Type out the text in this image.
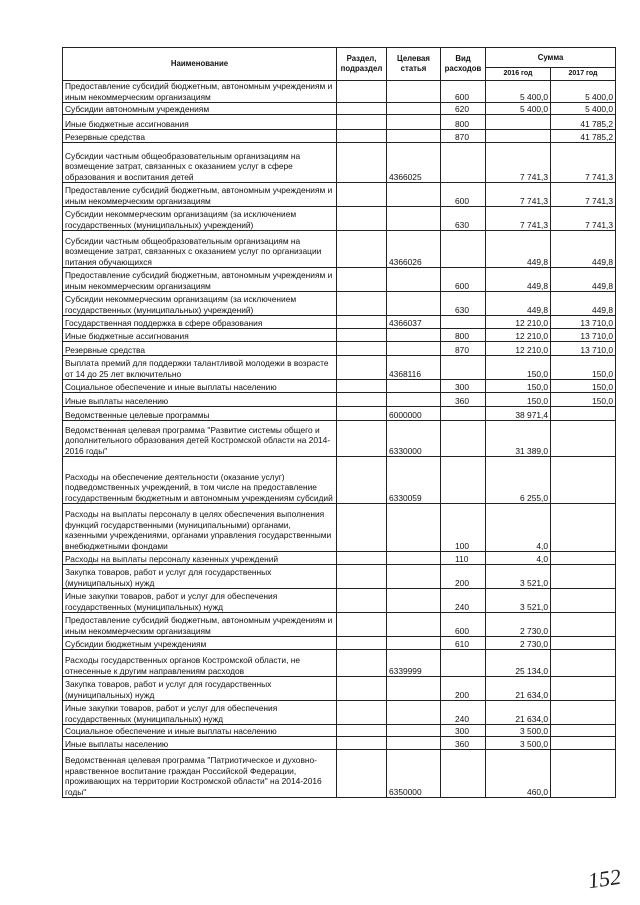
Наименование	Раздел, подраздел	Целевая статья	Вид расходов	Сумма	
				2016 год	2017 год
Предоставление субсидий бюджетным, автономным учреждениям и иным некоммерческим организациям			600	5 400,0	5 400,0
Субсидии автономным учреждениям			620	5 400,0	5 400,0
Иные бюджетные ассигнования			800		41 785,2
Резервные средства			870		41 785,2
Субсидии частным общеобразовательным организациям на возмещение затрат, связанных с оказанием услуг в сфере образования и воспитания детей		4366025		7 741,3	7 741,3
Предоставление субсидий бюджетным, автономным учреждениям и иным некоммерческим организациям			600	7 741,3	7 741,3
Субсидии некоммерческим организациям (за исключением государственных (муниципальных) учреждений)			630	7 741,3	7 741,3
Субсидии частным общеобразовательным организациям на возмещение затрат, связанных с оказанием услуг по организации питания обучающихся		4366026		449,8	449,8
Предоставление субсидий бюджетным, автономным учреждениям и иным некоммерческим организациям			600	449,8	449,8
Субсидии некоммерческим организациям (за исключением государственных (муниципальных) учреждений)			630	449,8	449,8
Государственная поддержка в сфере образования		4366037		12 210,0	13 710,0
Иные бюджетные ассигнования			800	12 210,0	13 710,0
Резервные средства			870	12 210,0	13 710,0
Выплата премий для поддержки талантливой молодежи в возрасте от 14 до 25 лет включительно		4368116		150,0	150,0
Социальное обеспечение и иные выплаты населению			300	150,0	150,0
Иные выплаты населению			360	150,0	150,0
Ведомственные целевые программы		6000000		38 971,4	
Ведомственная целевая программа "Развитие системы общего и дополнительного образования детей Костромской области на 2014-2016 годы"		6330000		31 389,0	
Расходы на обеспечение деятельности (оказание услуг) подведомственных учреждений, в том числе на предоставление государственным бюджетным и автономным учреждениям субсидий		6330059		6 255,0	
Расходы на выплаты персоналу в целях обеспечения выполнения функций государственными (муниципальными) органами, казенными учреждениями, органами управления государственными внебюджетными фондами			100	4,0	
Расходы на выплаты персоналу казенных учреждений			110	4,0	
Закупка товаров, работ и услуг для государственных (муниципальных) нужд			200	3 521,0	
Иные закупки товаров, работ и услуг для обеспечения государственных (муниципальных) нужд			240	3 521,0	
Предоставление субсидий бюджетным, автономным учреждениям и иным некоммерческим организациям			600	2 730,0	
Субсидии бюджетным учреждениям			610	2 730,0	
Расходы государственных органов Костромской области, не отнесенные к другим направлениям расходов		6339999		25 134,0	
Закупка товаров, работ и услуг для государственных (муниципальных) нужд			200	21 634,0	
Иные закупки товаров, работ и услуг для обеспечения государственных (муниципальных) нужд			240	21 634,0	
Социальное обеспечение и иные выплаты населению			300	3 500,0	
Иные выплаты населению			360	3 500,0	
Ведомственная целевая программа "Патриотическое и духовно-нравственное воспитание граждан Российской Федерации, проживающих на территории Костромской области" на 2014-2016 годы"		6350000		460,0	
152
